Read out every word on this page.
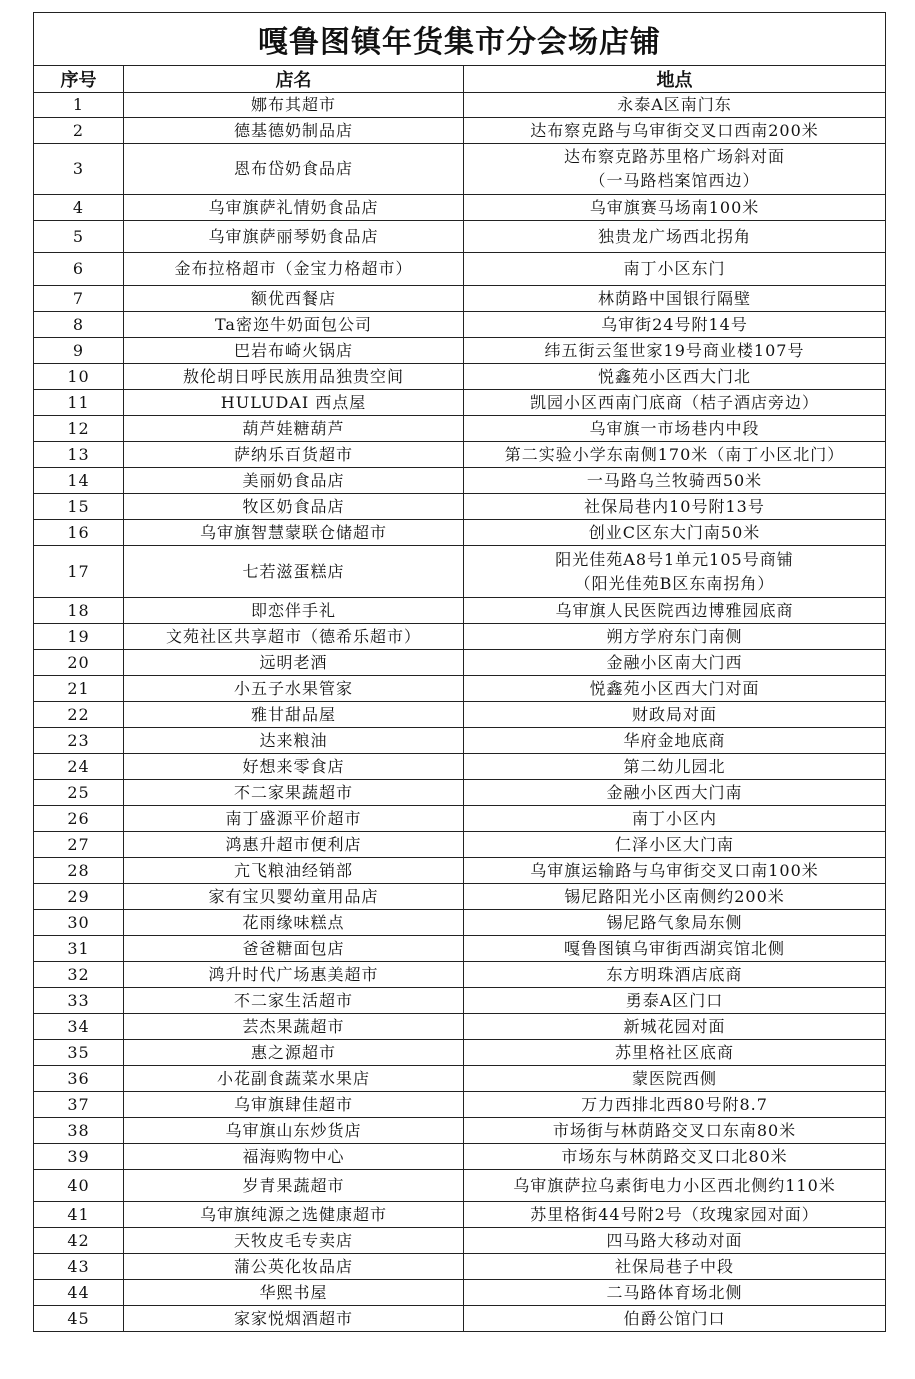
嘎鲁图镇年货集市分会场店铺		
序号	店名	地点
1	娜布其超市	永泰A区南门东
2	德基德奶制品店	达布察克路与乌审街交叉口西南200米
3	恩布岱奶食品店	达布察克路苏里格广场斜对面
（一马路档案馆西边）

4	乌审旗萨礼情奶食品店	乌审旗赛马场南100米
5	乌审旗萨丽琴奶食品店	独贵龙广场西北拐角
6	金布拉格超市（金宝力格超市）	南丁小区东门
7	额优西餐店	林荫路中国银行隔壁
8	Ta密迩牛奶面包公司	乌审街24号附14号
9	巴岩布崎火锅店	纬五街云玺世家19号商业楼107号
10	敖伦胡日呼民族用品独贵空间	悦鑫苑小区西大门北
11	HULUDAI 西点屋	凯园小区西南门底商（桔子酒店旁边）
12	葫芦娃糖葫芦	乌审旗一市场巷内中段
13	萨纳乐百货超市	第二实验小学东南侧170米（南丁小区北门）
14	美丽奶食品店	一马路乌兰牧骑西50米
15	牧区奶食品店	社保局巷内10号附13号
16	乌审旗智慧蒙联仓储超市	创业C区东大门南50米
17	七若滋蛋糕店	阳光佳苑A8号1单元105号商铺
（阳光佳苑B区东南拐角）

18	即恋伴手礼	乌审旗人民医院西边博雅园底商
19	文苑社区共享超市（德希乐超市）	朔方学府东门南侧
20	远明老酒	金融小区南大门西
21	小五子水果管家	悦鑫苑小区西大门对面
22	雅甘甜品屋	财政局对面
23	达来粮油	华府金地底商
24	好想来零食店	第二幼儿园北
25	不二家果蔬超市	金融小区西大门南
26	南丁盛源平价超市	南丁小区内
27	鸿惠升超市便利店	仁泽小区大门南
28	亢飞粮油经销部	乌审旗运输路与乌审街交叉口南100米
29	家有宝贝婴幼童用品店	锡尼路阳光小区南侧约200米
30	花雨缘味糕点	锡尼路气象局东侧
31	爸爸糖面包店	嘎鲁图镇乌审街西湖宾馆北侧
32	鸿升时代广场惠美超市	东方明珠酒店底商
33	不二家生活超市	勇泰A区门口
34	芸杰果蔬超市	新城花园对面
35	惠之源超市	苏里格社区底商
36	小花副食蔬菜水果店	蒙医院西侧
37	乌审旗肆佳超市	万力西排北西80号附8.7
38	乌审旗山东炒货店	市场街与林荫路交叉口东南80米
39	福海购物中心	市场东与林荫路交叉口北80米
40	岁青果蔬超市	乌审旗萨拉乌素街电力小区西北侧约110米
41	乌审旗纯源之选健康超市	苏里格街44号附2号（玫瑰家园对面）
42	天牧皮毛专卖店	四马路大移动对面
43	蒲公英化妆品店	社保局巷子中段
44	华熙书屋	二马路体育场北侧
45	家家悦烟酒超市	伯爵公馆门口
